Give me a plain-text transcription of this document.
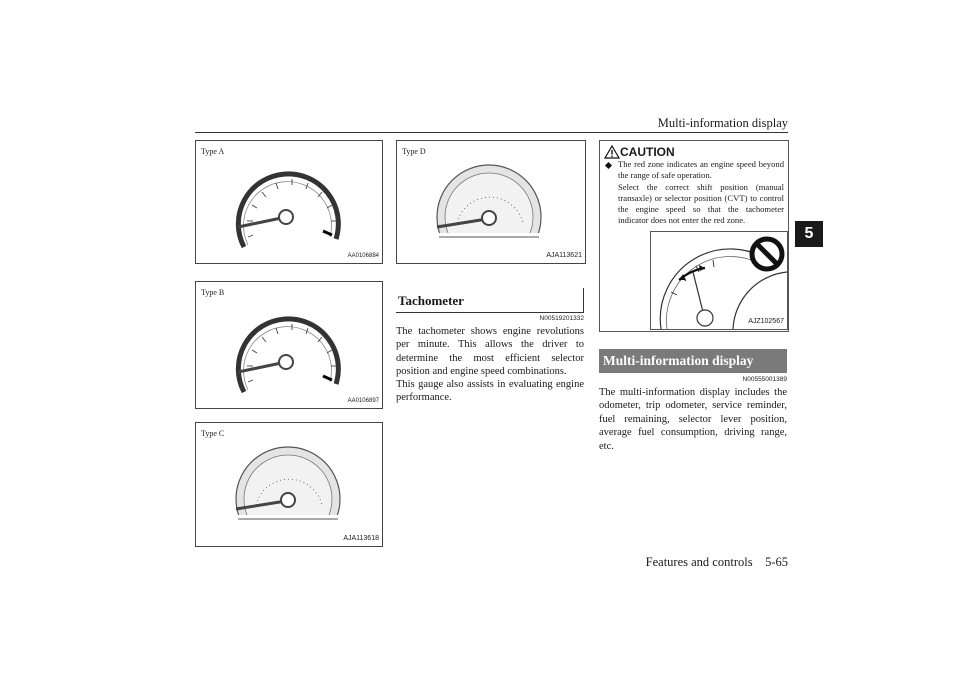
Multi-information display
5
Type A
AA0106884
Type B
AA0106897
Type C
AJA113618
Type D
AJA113621
Tachometer
N00519201332
The tachometer shows engine revolutions per minute. This allows the driver to determine the most efficient selector position and engine speed combinations.
This gauge also assists in evaluating engine performance.
CAUTION
The red zone indicates an engine speed beyond the range of safe operation.
Select the correct shift position (manual transaxle) or selector position (CVT) to control the engine speed so that the tachometer indicator does not enter the red zone.
AJZ102567
Multi-information display
N00555001389
The multi-information display includes the odometer, trip odometer, service reminder, fuel remaining, selector lever position, average fuel consumption, driving range, etc.
Features and controls 5-65
